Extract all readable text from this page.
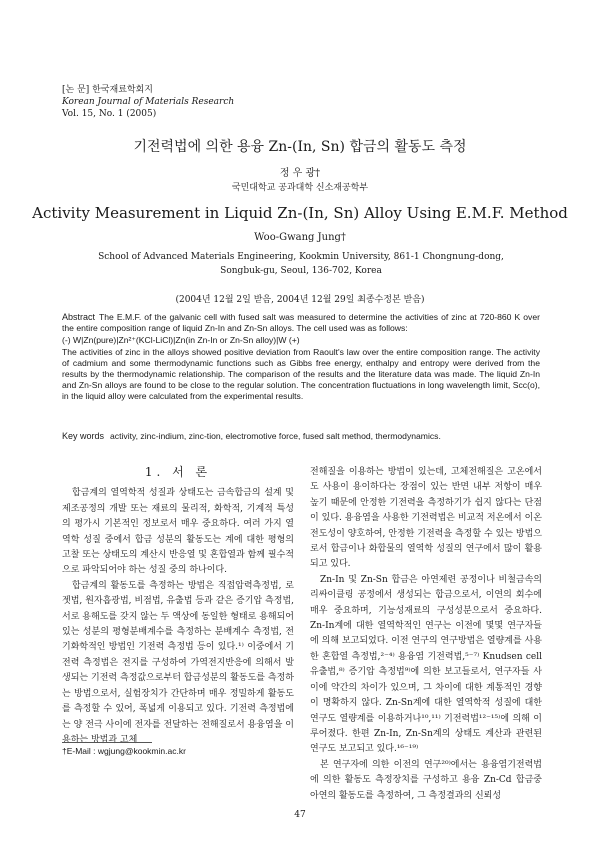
[논 문] 한국재료학회지
Korean Journal of Materials Research
Vol. 15, No. 1 (2005)
기전력법에 의한 용융 Zn-(In, Sn) 합금의 활동도 측정
정 우 광†
국민대학교 공과대학 신소재공학부
Activity Measurement in Liquid Zn-(In, Sn) Alloy Using E.M.F. Method
Woo-Gwang Jung†
School of Advanced Materials Engineering, Kookmin University, 861-1 Chongnung-dong, Songbuk-gu, Seoul, 136-702, Korea
(2004년 12월 2일 받음, 2004년 12월 29일 최종수정본 받음)

Abstract The E.M.F. of the galvanic cell with fused salt was measured to determine the activities of zinc at 720-860 K over the entire composition range of liquid Zn-In and Zn-Sn alloys. The cell used was as follows:

(-) W|Zn(pure)|Zn²⁺(KCl-LiCl)|Zn(in Zn-In or Zn-Sn alloy)|W (+)

The activities of zinc in the alloys showed positive deviation from Raoult's law over the entire composition range. The activity of cadmium and some thermodynamic functions such as Gibbs free energy, enthalpy and entropy were derived from the results by the thermodynamic relationship. The comparison of the results and the literature data was made. The liquid Zn-In and Zn-Sn alloys are found to be close to the regular solution. The concentration fluctuations in long wavelength limit, Scc(o), in the liquid alloy were calculated from the experimental results.

Key words activity, zinc-indium, zinc-tion, electromotive force, fused salt method, thermodynamics.
1. 서 론

합금계의 열역학적 성질과 상태도는 금속합금의 설계 및 제조공정의 개발 또는 재료의 물리적, 화학적, 기계적 특성의 평가시 기본적인 정보로서 매우 중요하다. 여러 가지 열역학 성질 중에서 합금 성분의 활동도는 계에 대한 평형의 고찰 또는 상태도의 계산시 반응열 및 혼합열과 함께 필수적으로 파악되어야 하는 성질 중의 하나이다.

합금계의 활동도를 측정하는 방법은 직접압력측정법, 로젯법, 원자흡광법, 비점법, 유출법 등과 같은 증기압 측정법, 서로 용해도를 갖지 않는 두 액상에 동일한 형태로 용해되어 있는 성분의 평형분배계수를 측정하는 분배계수 측정법, 전기화학적인 방법인 기전력 측정법 등이 있다.¹⁾ 이중에서 기전력 측정법은 전지를 구성하여 가역전지반응에 의해서 발생되는 기전력 측정값으로부터 합금성분의 활동도를 측정하는 방법으로서, 실험장치가 간단하며 매우 정밀하게 활동도를 측정할 수 있어, 폭넓게 이용되고 있다. 기전력 측정법에는 양 전극 사이에 전자를 전달하는 전해질로서 용융염을 이용하는 방법과 고체

전해질을 이용하는 방법이 있는데, 고체전해질은 고온에서도 사용이 용이하다는 장점이 있는 반면 내부 저항이 매우 높기 때문에 안정한 기전력을 측정하기가 쉽지 않다는 단점이 있다. 용융염을 사용한 기전력법은 비교적 저온에서 이온 전도성이 양호하여, 안정한 기전력을 측정할 수 있는 방법으로서 합금이나 화합물의 열역학 성질의 연구에서 많이 활용되고 있다.

Zn-In 및 Zn-Sn 합금은 아연제련 공정이나 비철금속의 리싸이클링 공정에서 생성되는 합금으로서, 이연의 회수에 매우 중요하며, 기능성재료의 구성성분으로서 중요하다. Zn-In계에 대한 열역학적인 연구는 이전에 몇몇 연구자들에 의해 보고되었다. 이전 연구의 연구방법은 열량계를 사용한 혼합열 측정법,²⁻⁴⁾ 용융염 기전력법,⁵⁻⁷⁾ Knudsen cell 유출법,⁸⁾ 증기압 측정법⁹⁾에 의한 보고들로서, 연구자들 사이에 약간의 차이가 있으며, 그 차이에 대한 계통적인 경향이 명확하지 않다. Zn-Sn계에 대한 열역학적 성질에 대한 연구도 열량계를 이용하거나¹⁰,¹¹⁾ 기전력법¹²⁻¹⁵⁾에 의해 이루어졌다. 한편 Zn-In, Zn-Sn계의 상태도 계산과 관련된 연구도 보고되고 있다.¹⁶⁻¹⁹⁾

본 연구자에 의한 이전의 연구²⁰⁾에서는 용융염기전력법에 의한 활동도 측정장치를 구성하고 용융 Zn-Cd 합금중 아연의 활동도를 측정하여, 그 측정결과의 신뢰성

†E-Mail : wgjung@kookmin.ac.kr
47
